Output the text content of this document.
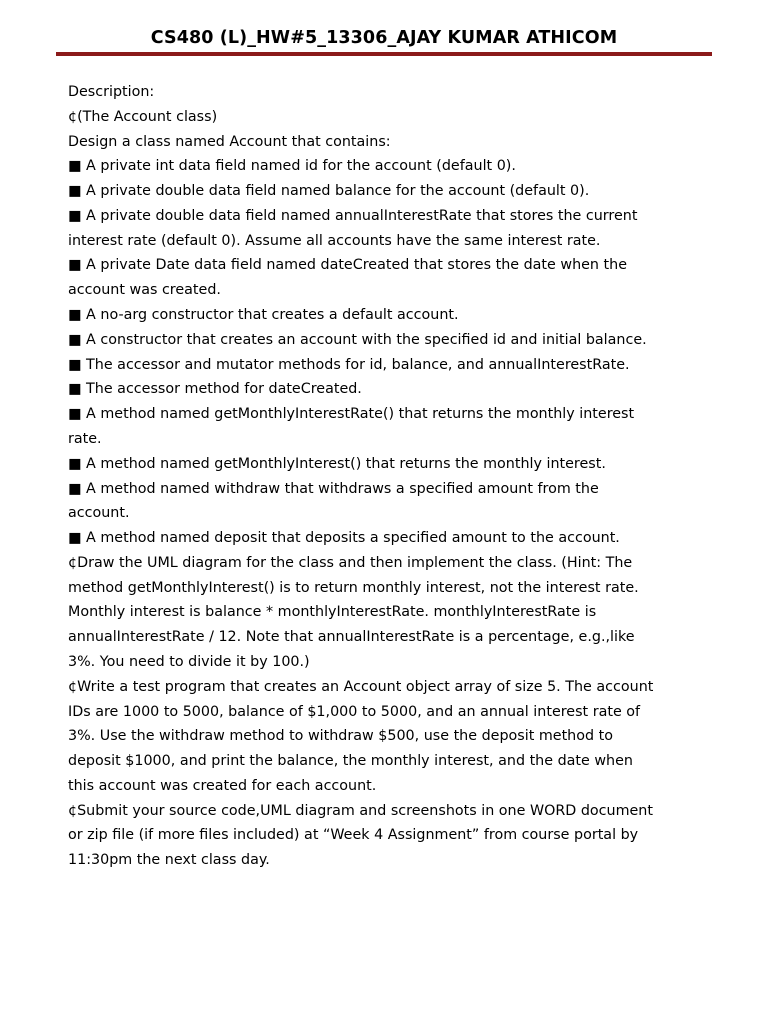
CS480 (L)_HW#5_13306_AJAY KUMAR ATHICOM

Description:

¢(The Account class)

Design a class named Account that contains:

■ A private int data field named id for the account (default 0).

■ A private double data field named balance for the account (default 0).

■ A private double data field named annualInterestRate that stores the current

interest rate (default 0). Assume all accounts have the same interest rate.

■ A private Date data field named dateCreated that stores the date when the

account was created.

■ A no-arg constructor that creates a default account.

■ A constructor that creates an account with the specified id and initial balance.

■ The accessor and mutator methods for id, balance, and annualInterestRate.

■ The accessor method for dateCreated.

■ A method named getMonthlyInterestRate() that returns the monthly interest

rate.

■ A method named getMonthlyInterest() that returns the monthly interest.

■ A method named withdraw that withdraws a specified amount from the

account.

■ A method named deposit that deposits a specified amount to the account.

¢Draw the UML diagram for the class and then implement the class. (Hint: The

method getMonthlyInterest() is to return monthly interest, not the interest rate.

Monthly interest is balance * monthlyInterestRate. monthlyInterestRate is

annualInterestRate / 12. Note that annualInterestRate is a percentage, e.g.,like

3%. You need to divide it by 100.)

¢Write a test program that creates an Account object array of size 5. The account

IDs are 1000 to 5000, balance of $1,000 to 5000, and an annual interest rate of

3%. Use the withdraw method to withdraw $500, use the deposit method to

deposit $1000, and print the balance, the monthly interest, and the date when

this account was created for each account.

¢Submit your source code,UML diagram and screenshots in one WORD document

or zip file (if more files included) at “Week 4 Assignment” from course portal by

11:30pm the next class day.
